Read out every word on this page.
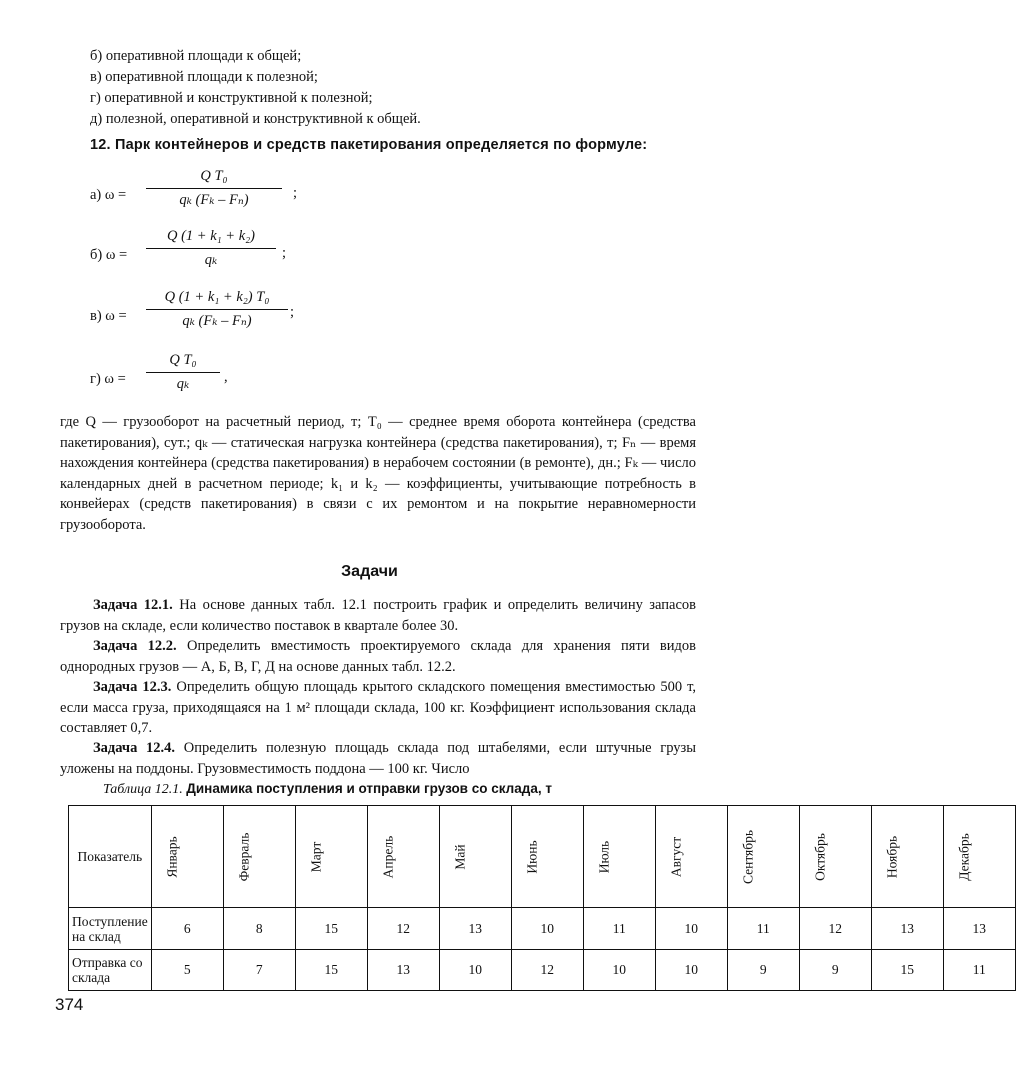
б) оперативной площади к общей;
в) оперативной площади к полезной;
г) оперативной и конструктивной к полезной;
д) полезной, оперативной и конструктивной к общей.
12. Парк контейнеров и средств пакетирования определяется по формуле:
а) ω =
Q T₀
qₖ (Fₖ – Fₙ)	;
б) ω =
Q (1 + k₁ + k₂)
qₖ	;
в) ω =
Q (1 + k₁ + k₂) T₀
qₖ (Fₖ – Fₙ)
;
г) ω =
Q T₀
qₖ	,
где Q — грузооборот на расчетный период, т; T₀ — среднее время оборота контейнера (средства пакетирования), сут.; qₖ — статическая нагрузка контейнера (средства пакетирования), т; Fₙ — время нахождения контейнера (средства пакетирования) в нерабочем состоянии (в ремонте), дн.; Fₖ — число календарных дней в расчетном периоде; k₁ и k₂ — коэффициенты, учитывающие потребность в конвейерах (средств пакетирования) в связи с их ремонтом и на покрытие неравномерности грузооборота.
Задачи
Задача 12.1. На основе данных табл. 12.1 построить график и определить величину запасов грузов на складе, если количество поставок в квартале более 30.
Задача 12.2. Определить вместимость проектируемого склада для хранения пяти видов однородных грузов — А, Б, В, Г, Д на основе данных табл. 12.2.
Задача 12.3. Определить общую площадь крытого складского помещения вместимостью 500 т, если масса груза, приходящаяся на 1 м² площади склада, 100 кг. Коэффициент использования склада составляет 0,7.
Задача 12.4. Определить полезную площадь склада под штабелями, если штучные грузы уложены на поддоны. Грузовместимость поддона — 100 кг. Число
Таблица 12.1. Динамика поступления и отправки грузов со склада, т
Показатель	Январь	Февраль	Март	Апрель	Май	Июнь	Июль	Август	Сентябрь	Октябрь	Ноябрь	Декабрь

Поступление на склад	6	8	15	12	13	10	11	10	11	12	13	13
Отправка со склада	5	7	15	13	10	12	10	10	9	9	15	11
374
